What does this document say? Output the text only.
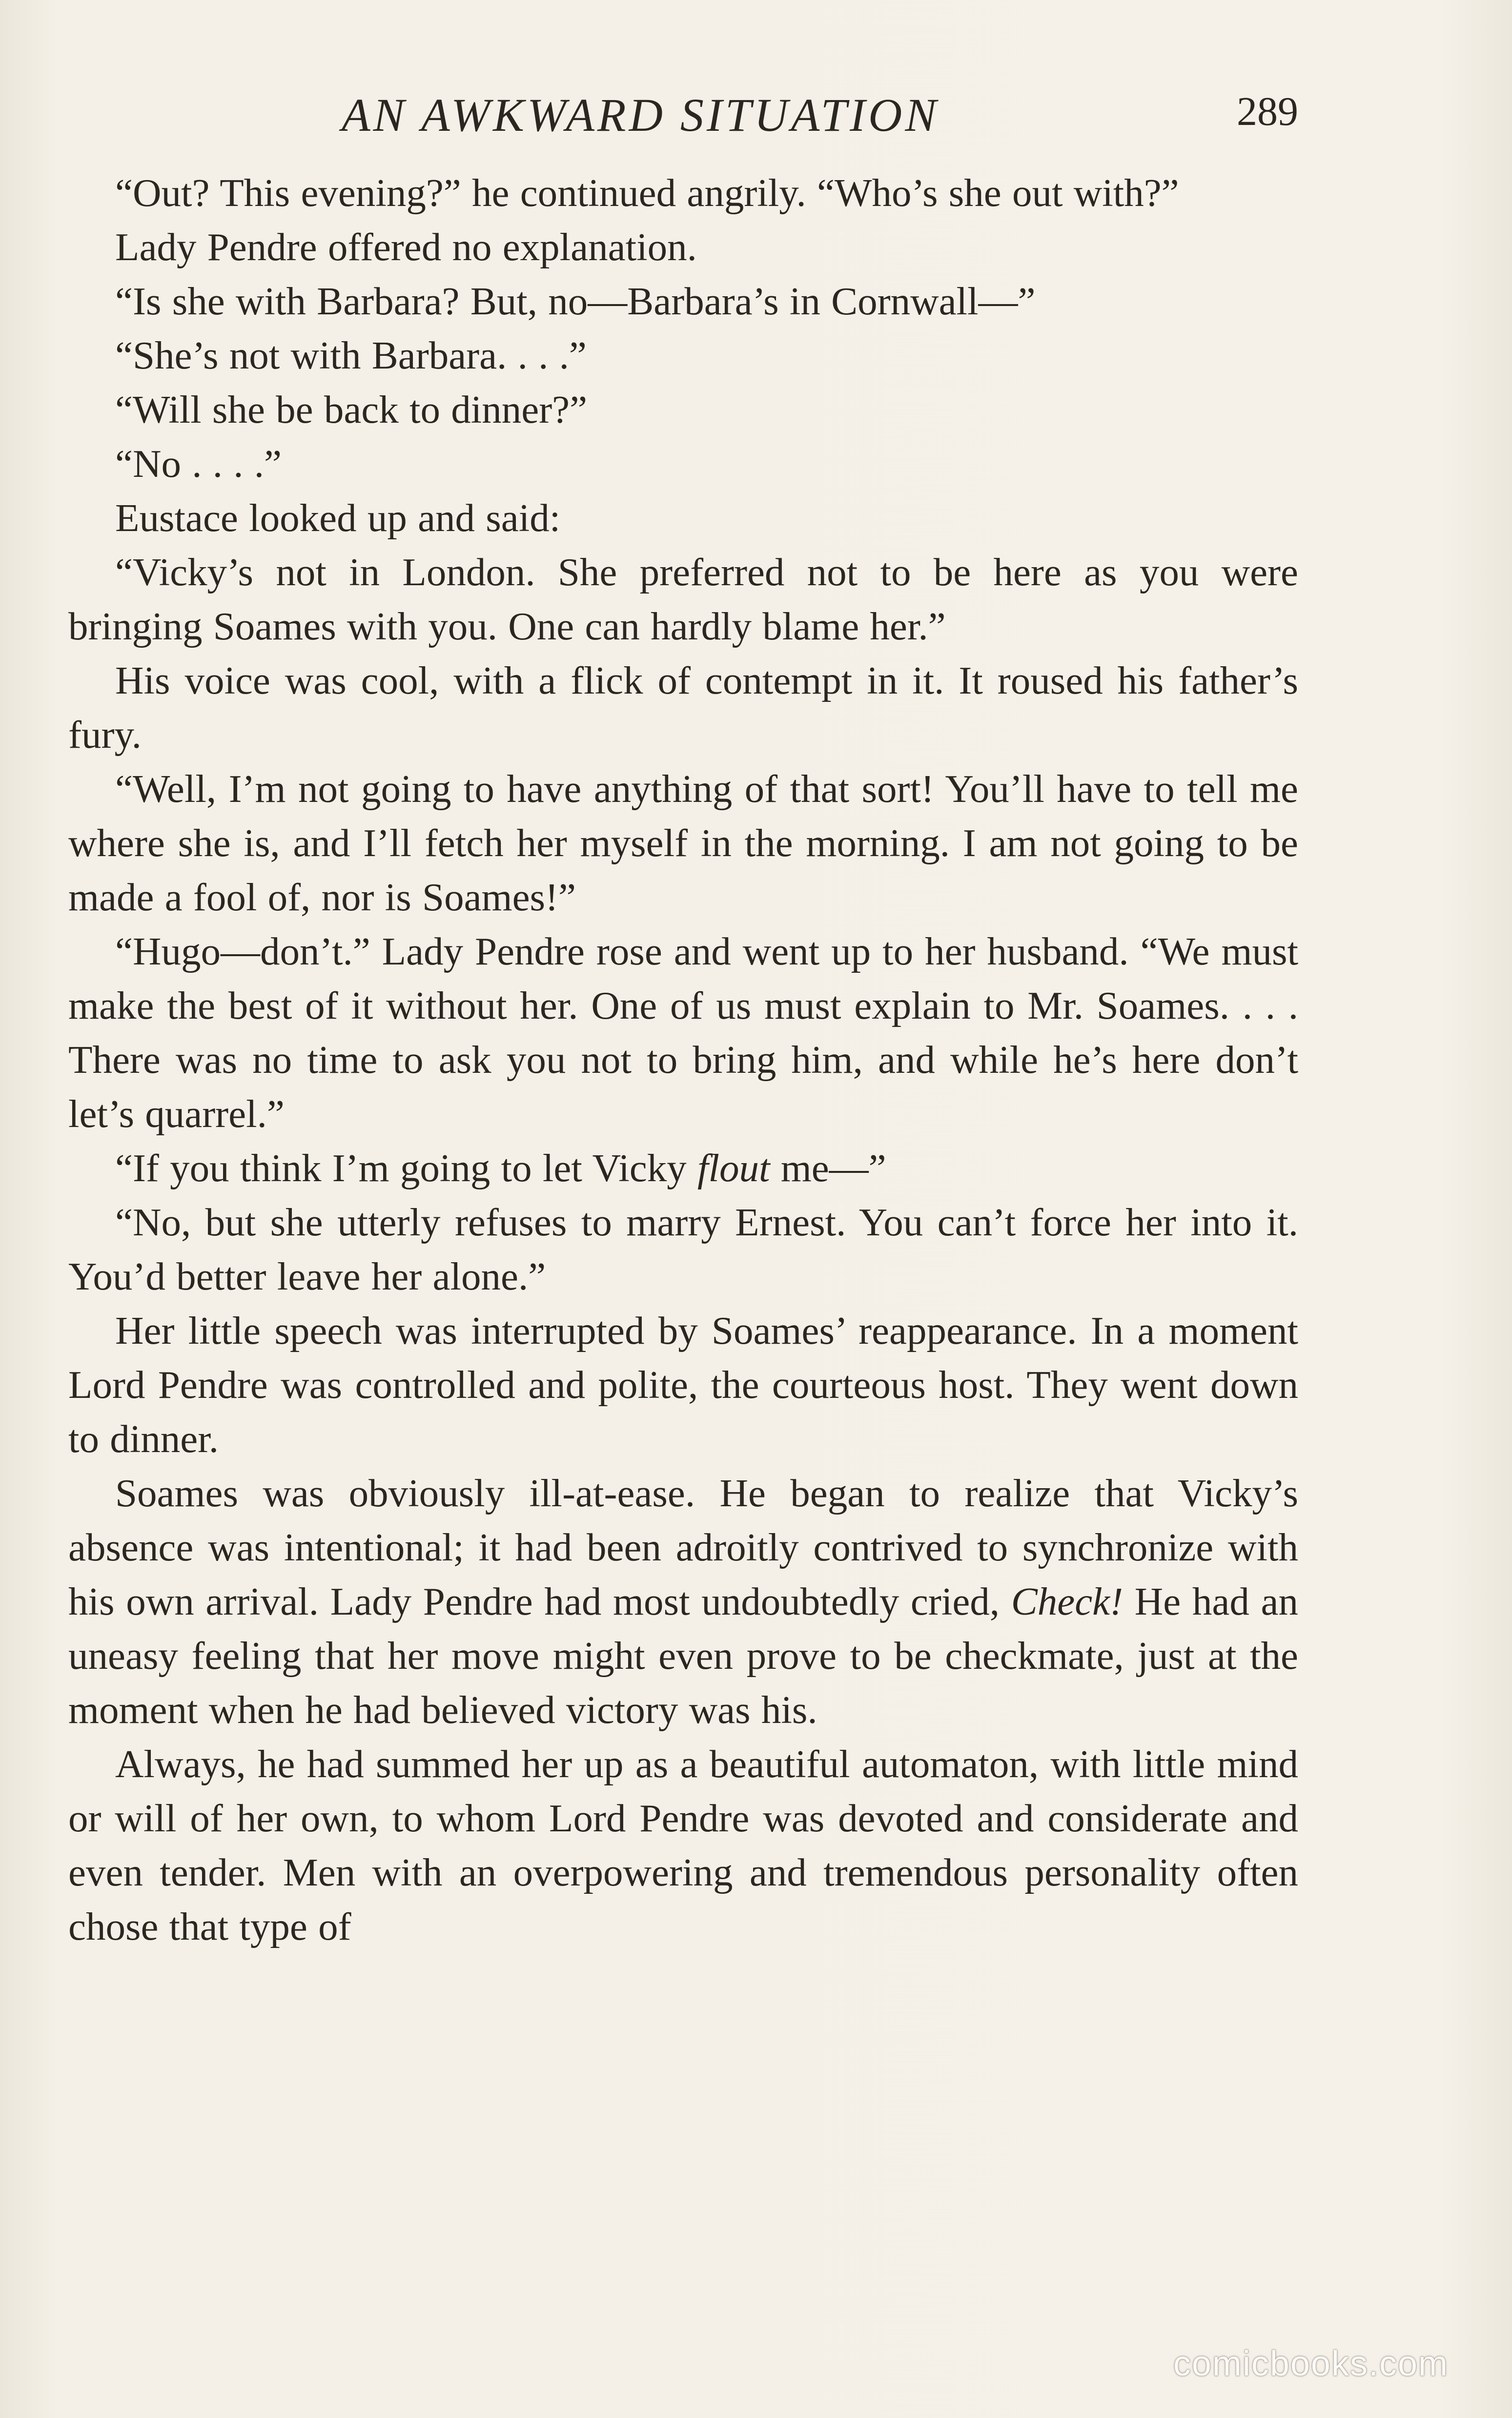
AN AWKWARD SITUATION	289

“Out? This evening?” he continued angrily. “Who’s she out with?”

Lady Pendre offered no explanation.

“Is she with Barbara? But, no—Barbara’s in Cornwall—”

“She’s not with Barbara. . . .”

“Will she be back to dinner?”

“No . . . .”

Eustace looked up and said:

“Vicky’s not in London. She preferred not to be here as you were bringing Soames with you. One can hardly blame her.”

His voice was cool, with a flick of contempt in it. It roused his father’s fury.

“Well, I’m not going to have anything of that sort! You’ll have to tell me where she is, and I’ll fetch her myself in the morning. I am not going to be made a fool of, nor is Soames!”

“Hugo—don’t.” Lady Pendre rose and went up to her husband. “We must make the best of it without her. One of us must explain to Mr. Soames. . . . There was no time to ask you not to bring him, and while he’s here don’t let’s quarrel.”

“If you think I’m going to let Vicky flout me—”

“No, but she utterly refuses to marry Ernest. You can’t force her into it. You’d better leave her alone.”

Her little speech was interrupted by Soames’ reappearance. In a moment Lord Pendre was controlled and polite, the courteous host. They went down to dinner.

Soames was obviously ill-at-ease. He began to realize that Vicky’s absence was intentional; it had been adroitly contrived to synchronize with his own arrival. Lady Pendre had most undoubtedly cried, Check! He had an uneasy feeling that her move might even prove to be checkmate, just at the moment when he had believed victory was his.

Always, he had summed her up as a beautiful automaton, with little mind or will of her own, to whom Lord Pendre was devoted and considerate and even tender. Men with an overpowering and tremendous personality often chose that type of

comicbooks.com
